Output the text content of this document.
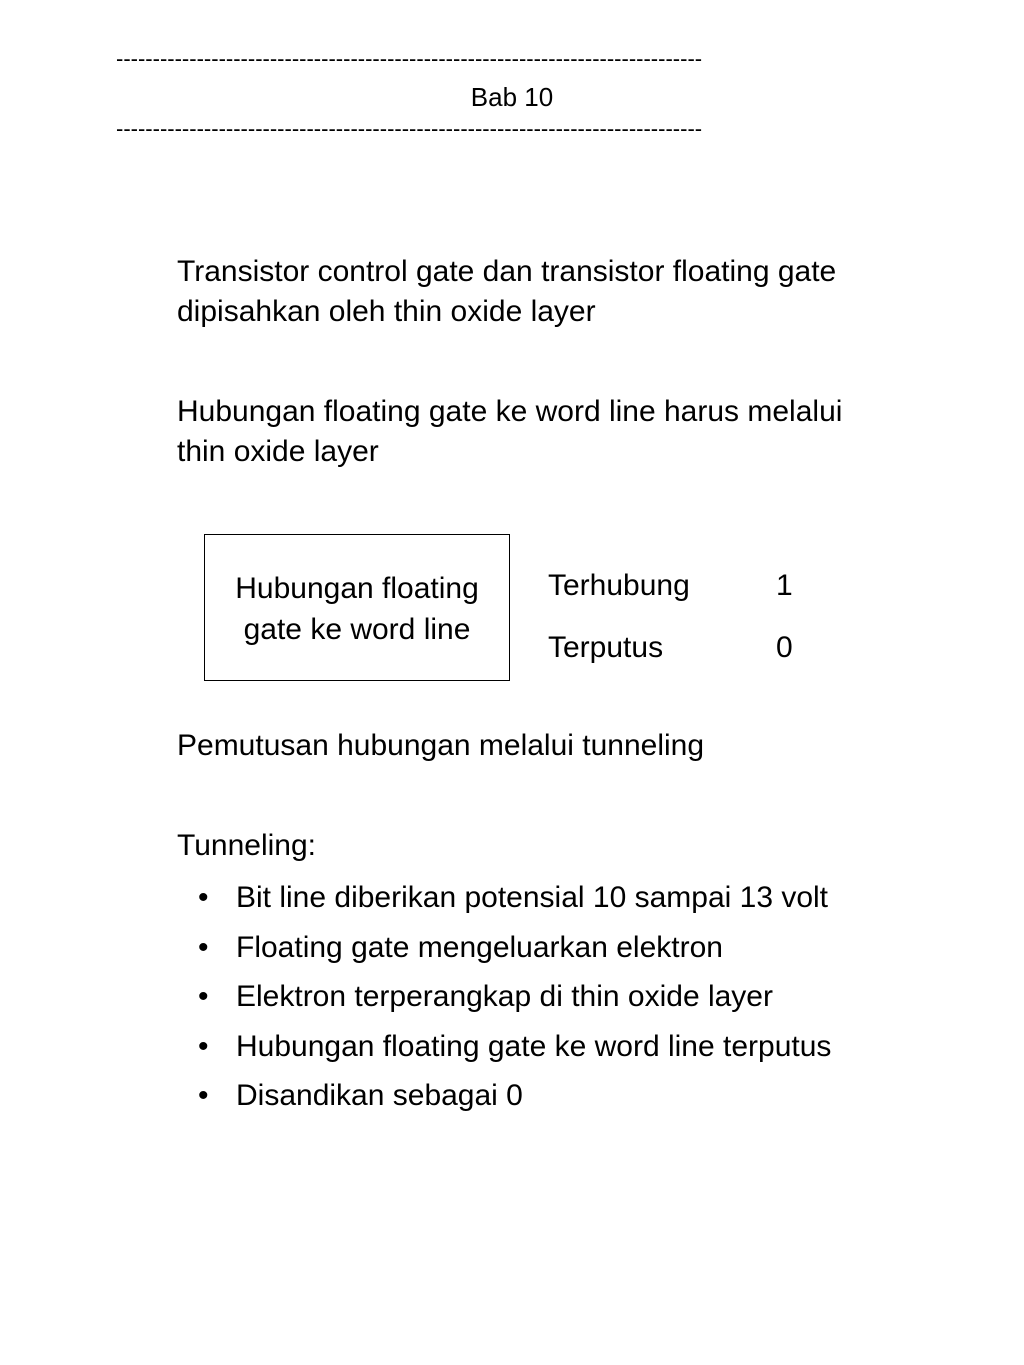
--------------------------------------------------------------------------------
Bab 10
--------------------------------------------------------------------------------

Transistor control gate dan transistor floating gate
dipisahkan oleh thin oxide layer

Hubungan floating gate ke word line harus melalui
thin oxide layer

Hubungan floating
gate ke word line
Terhubung	1
Terputus	0

Pemutusan hubungan melalui tunneling

Tunneling:

• Bit line diberikan potensial 10 sampai 13 volt
• Floating gate mengeluarkan elektron
• Elektron terperangkap di thin oxide layer
• Hubungan floating gate ke word line terputus
• Disandikan sebagai 0
